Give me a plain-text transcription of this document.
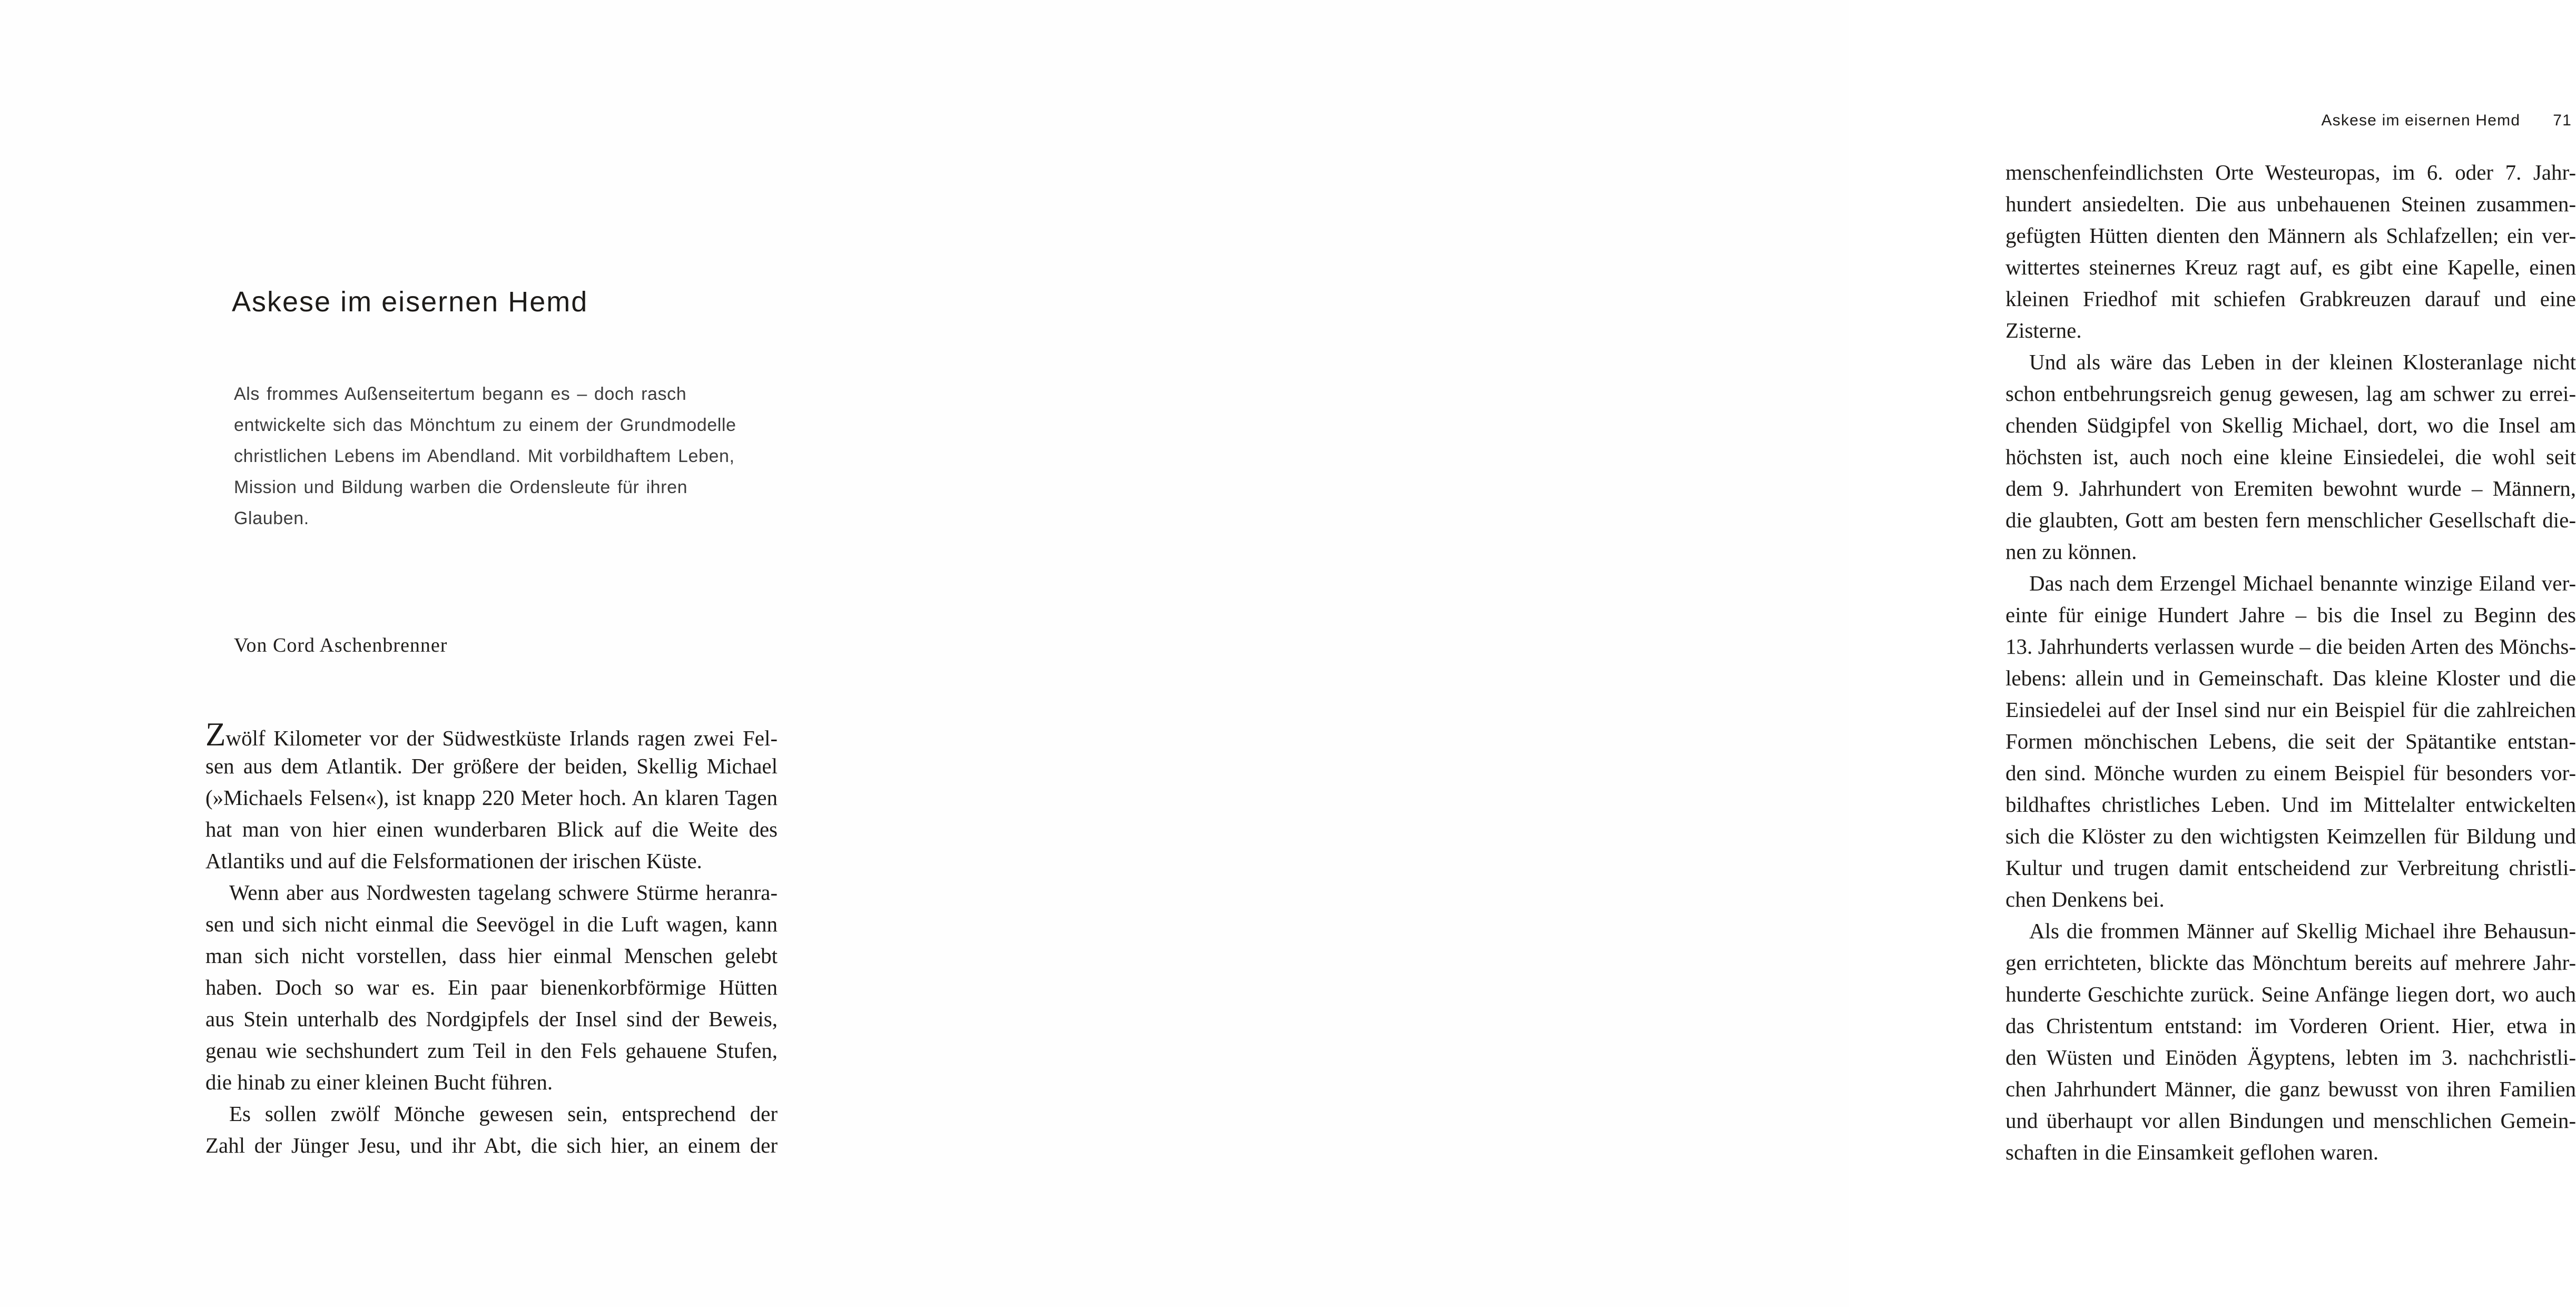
Askese im eisernen Hemd
Als frommes Außenseitertum begann es – doch rasch
entwickelte sich das Mönchtum zu einem der Grundmodelle
christlichen Lebens im Abendland. Mit vorbildhaftem Leben,
Mission und Bildung warben die Ordensleute für ihren
Glauben.
Von Cord Aschenbrenner
Zwölf Kilometer vor der Südwestküste Irlands ragen zwei Fel-
sen aus dem Atlantik. Der größere der beiden, Skellig Michael
(»Michaels Felsen«), ist knapp 220 Meter hoch. An klaren Tagen
hat man von hier einen wunderbaren Blick auf die Weite des
Atlantiks und auf die Felsformationen der irischen Küste.
Wenn aber aus Nordwesten tagelang schwere Stürme heranra-
sen und sich nicht einmal die Seevögel in die Luft wagen, kann
man sich nicht vorstellen, dass hier einmal Menschen gelebt
haben. Doch so war es. Ein paar bienenkorbförmige Hütten
aus Stein unterhalb des Nordgipfels der Insel sind der Beweis,
genau wie sechshundert zum Teil in den Fels gehauene Stufen,
die hinab zu einer kleinen Bucht führen.
Es sollen zwölf Mönche gewesen sein, entsprechend der
Zahl der Jünger Jesu, und ihr Abt, die sich hier, an einem der
Askese im eisernen Hemd 71
menschenfeindlichsten Orte Westeuropas, im 6. oder 7. Jahr-
hundert ansiedelten. Die aus unbehauenen Steinen zusammen-
gefügten Hütten dienten den Männern als Schlafzellen; ein ver-
wittertes steinernes Kreuz ragt auf, es gibt eine Kapelle, einen
kleinen Friedhof mit schiefen Grabkreuzen darauf und eine
Zisterne.
Und als wäre das Leben in der kleinen Klosteranlage nicht
schon entbehrungsreich genug gewesen, lag am schwer zu errei-
chenden Südgipfel von Skellig Michael, dort, wo die Insel am
höchsten ist, auch noch eine kleine Einsiedelei, die wohl seit
dem 9. Jahrhundert von Eremiten bewohnt wurde – Männern,
die glaubten, Gott am besten fern menschlicher Gesellschaft die-
nen zu können.
Das nach dem Erzengel Michael benannte winzige Eiland ver-
einte für einige Hundert Jahre – bis die Insel zu Beginn des
13. Jahrhunderts verlassen wurde – die beiden Arten des Mönchs-
lebens: allein und in Gemeinschaft. Das kleine Kloster und die
Einsiedelei auf der Insel sind nur ein Beispiel für die zahlreichen
Formen mönchischen Lebens, die seit der Spätantike entstan-
den sind. Mönche wurden zu einem Beispiel für besonders vor-
bildhaftes christliches Leben. Und im Mittelalter entwickelten
sich die Klöster zu den wichtigsten Keimzellen für Bildung und
Kultur und trugen damit entscheidend zur Verbreitung christli-
chen Denkens bei.
Als die frommen Männer auf Skellig Michael ihre Behausun-
gen errichteten, blickte das Mönchtum bereits auf mehrere Jahr-
hunderte Geschichte zurück. Seine Anfänge liegen dort, wo auch
das Christentum entstand: im Vorderen Orient. Hier, etwa in
den Wüsten und Einöden Ägyptens, lebten im 3. nachchristli-
chen Jahrhundert Männer, die ganz bewusst von ihren Familien
und überhaupt vor allen Bindungen und menschlichen Gemein-
schaften in die Einsamkeit geflohen waren.
